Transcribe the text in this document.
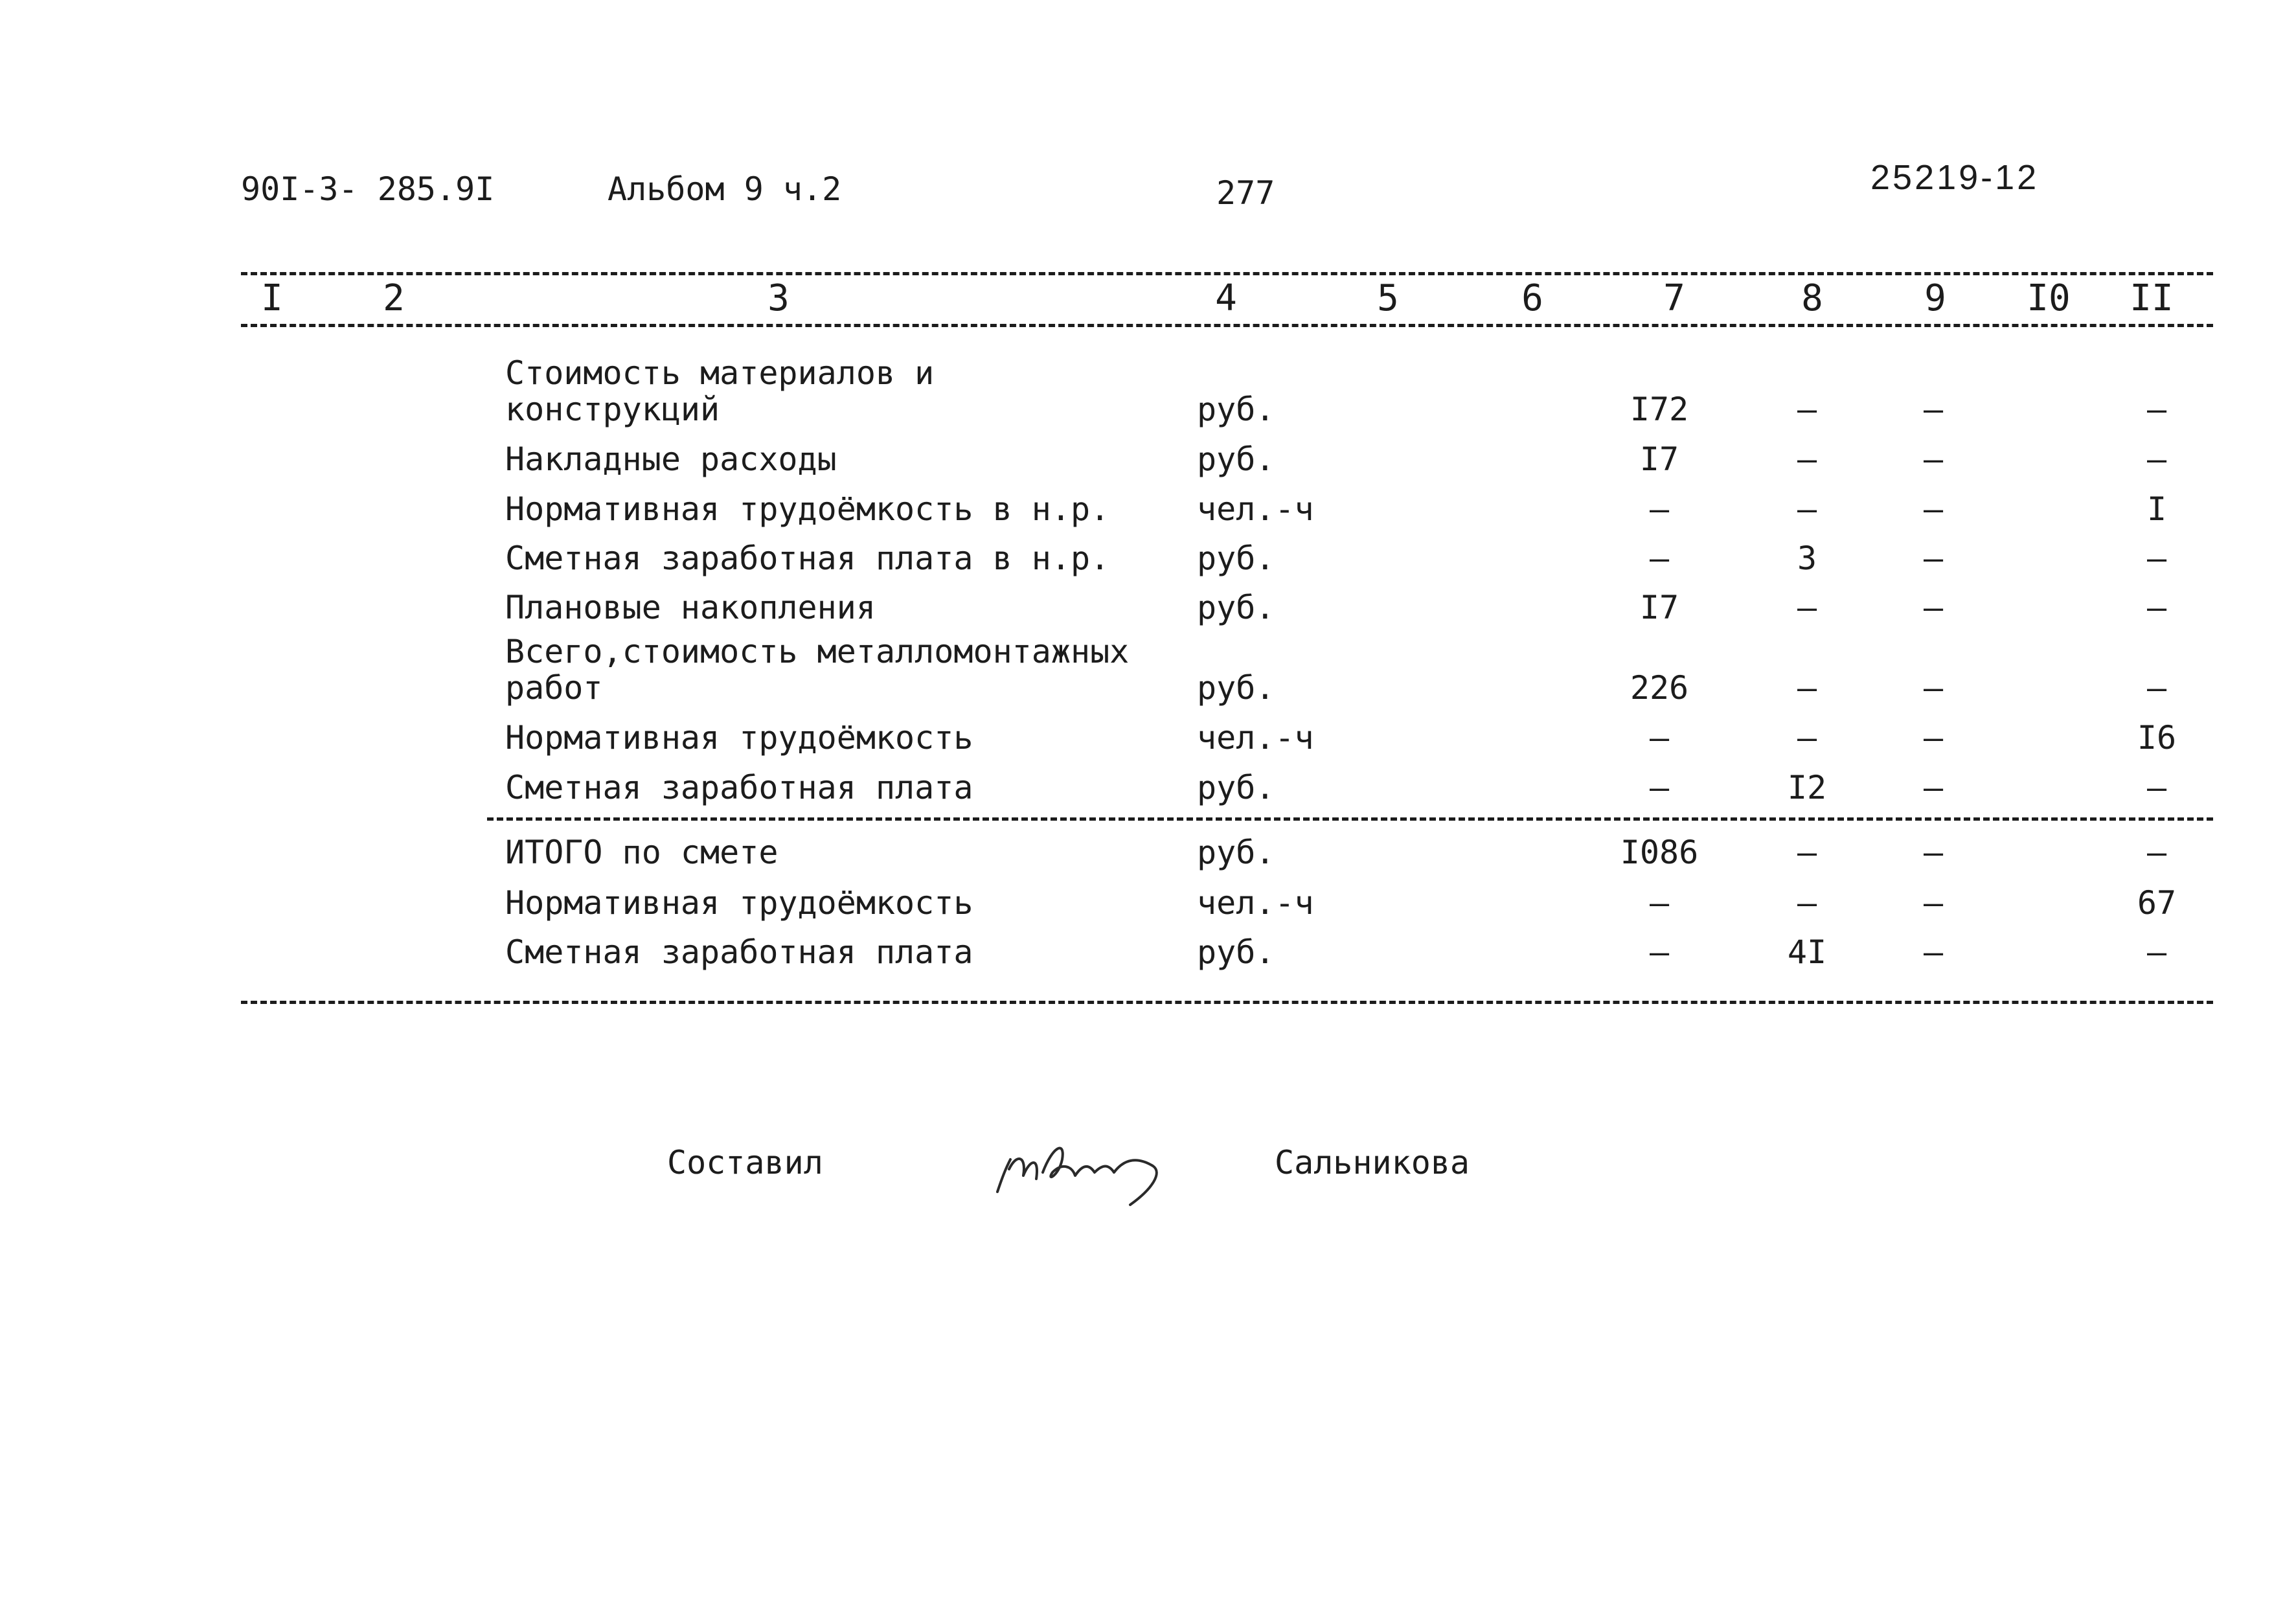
90I-3- 285.9I	Альбом 9 ч.2	277	25219-12
I	2	3	4	5	6	7	8	9	I0	II
Стоимость материалов и
конструкций	руб.	I72	–	–	–
Накладные расходы	руб.	I7	–	–	–
Нормативная трудоёмкость в н.р.	чел.-ч	–	–	–	I
Сметная заработная плата в н.р.	руб.	–	3	–	–
Плановые накопления	руб.	I7	–	–	–
Всего,стоимость металломонтажных
работ	руб.	226	–	–	–
Нормативная трудоёмкость	чел.-ч	–	–	–	I6
Сметная заработная плата	руб.	–	I2	–	–
ИТОГО по смете	руб.	I086	–	–	–
Нормативная трудоёмкость	чел.-ч	–	–	–	67
Сметная заработная плата	руб.	–	4I	–	–
Составил	Сальникова
